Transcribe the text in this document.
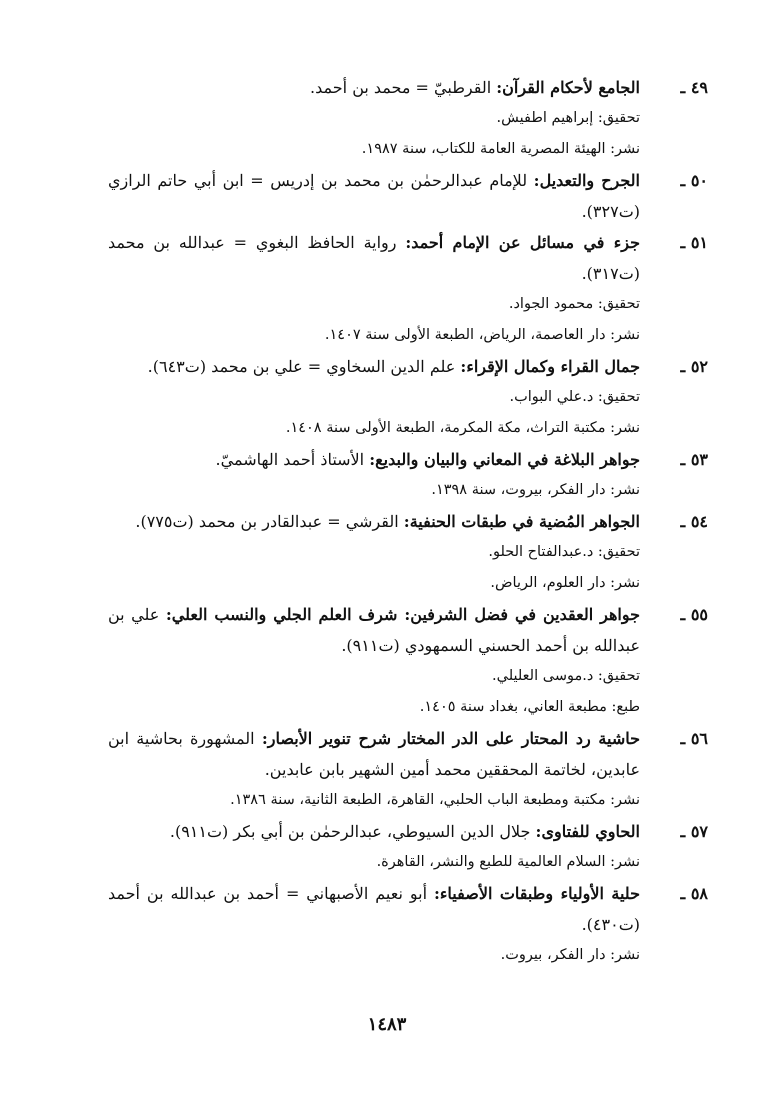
٤٩ ـ
الجامع لأحكام القرآن: القرطبيّ = محمد بن أحمد.
تحقيق: إبراهيم اطفيش.
نشر: الهيئة المصرية العامة للكتاب، سنة ١٩٨٧.
٥٠ ـ
الجرح والتعديل: للإمام عبدالرحمٰن بن محمد بن إدريس = ابن أبي حاتم الرازي (ت٣٢٧).
٥١ ـ
جزء في مسائل عن الإمام أحمد: رواية الحافظ البغوي = عبدالله بن محمد (ت٣١٧).
تحقيق: محمود الجواد.
نشر: دار العاصمة، الرياض، الطبعة الأولى سنة ١٤٠٧.
٥٢ ـ
جمال القراء وكمال الإقراء: علم الدين السخاوي = علي بن محمد (ت٦٤٣).
تحقيق: د.علي البواب.
نشر: مكتبة التراث، مكة المكرمة، الطبعة الأولى سنة ١٤٠٨.
٥٣ ـ
جواهر البلاغة في المعاني والبيان والبديع: الأستاذ أحمد الهاشميّ.
نشر: دار الفكر، بيروت، سنة ١٣٩٨.
٥٤ ـ
الجواهر المُضية في طبقات الحنفية: القرشي = عبدالقادر بن محمد (ت٧٧٥).
تحقيق: د.عبدالفتاح الحلو.
نشر: دار العلوم، الرياض.
٥٥ ـ
جواهر العقدين في فضل الشرفين: شرف العلم الجلي والنسب العلي: علي بن عبدالله بن أحمد الحسني السمهودي (ت٩١١).
تحقيق: د.موسى العليلي.
طبع: مطبعة العاني، بغداد سنة ١٤٠٥.
٥٦ ـ
حاشية رد المحتار على الدر المختار شرح تنوير الأبصار: المشهورة بحاشية ابن عابدين، لخاتمة المحققين محمد أمين الشهير بابن عابدين.
نشر: مكتبة ومطبعة الباب الحلبي، القاهرة، الطبعة الثانية، سنة ١٣٨٦.
٥٧ ـ
الحاوي للفتاوى: جلال الدين السيوطي، عبدالرحمٰن بن أبي بكر (ت٩١١).
نشر: السلام العالمية للطبع والنشر، القاهرة.
٥٨ ـ
حلية الأولياء وطبقات الأصفياء: أبو نعيم الأصبهاني = أحمد بن عبدالله بن أحمد (ت٤٣٠).
نشر: دار الفكر، بيروت.
١٤٨٣
